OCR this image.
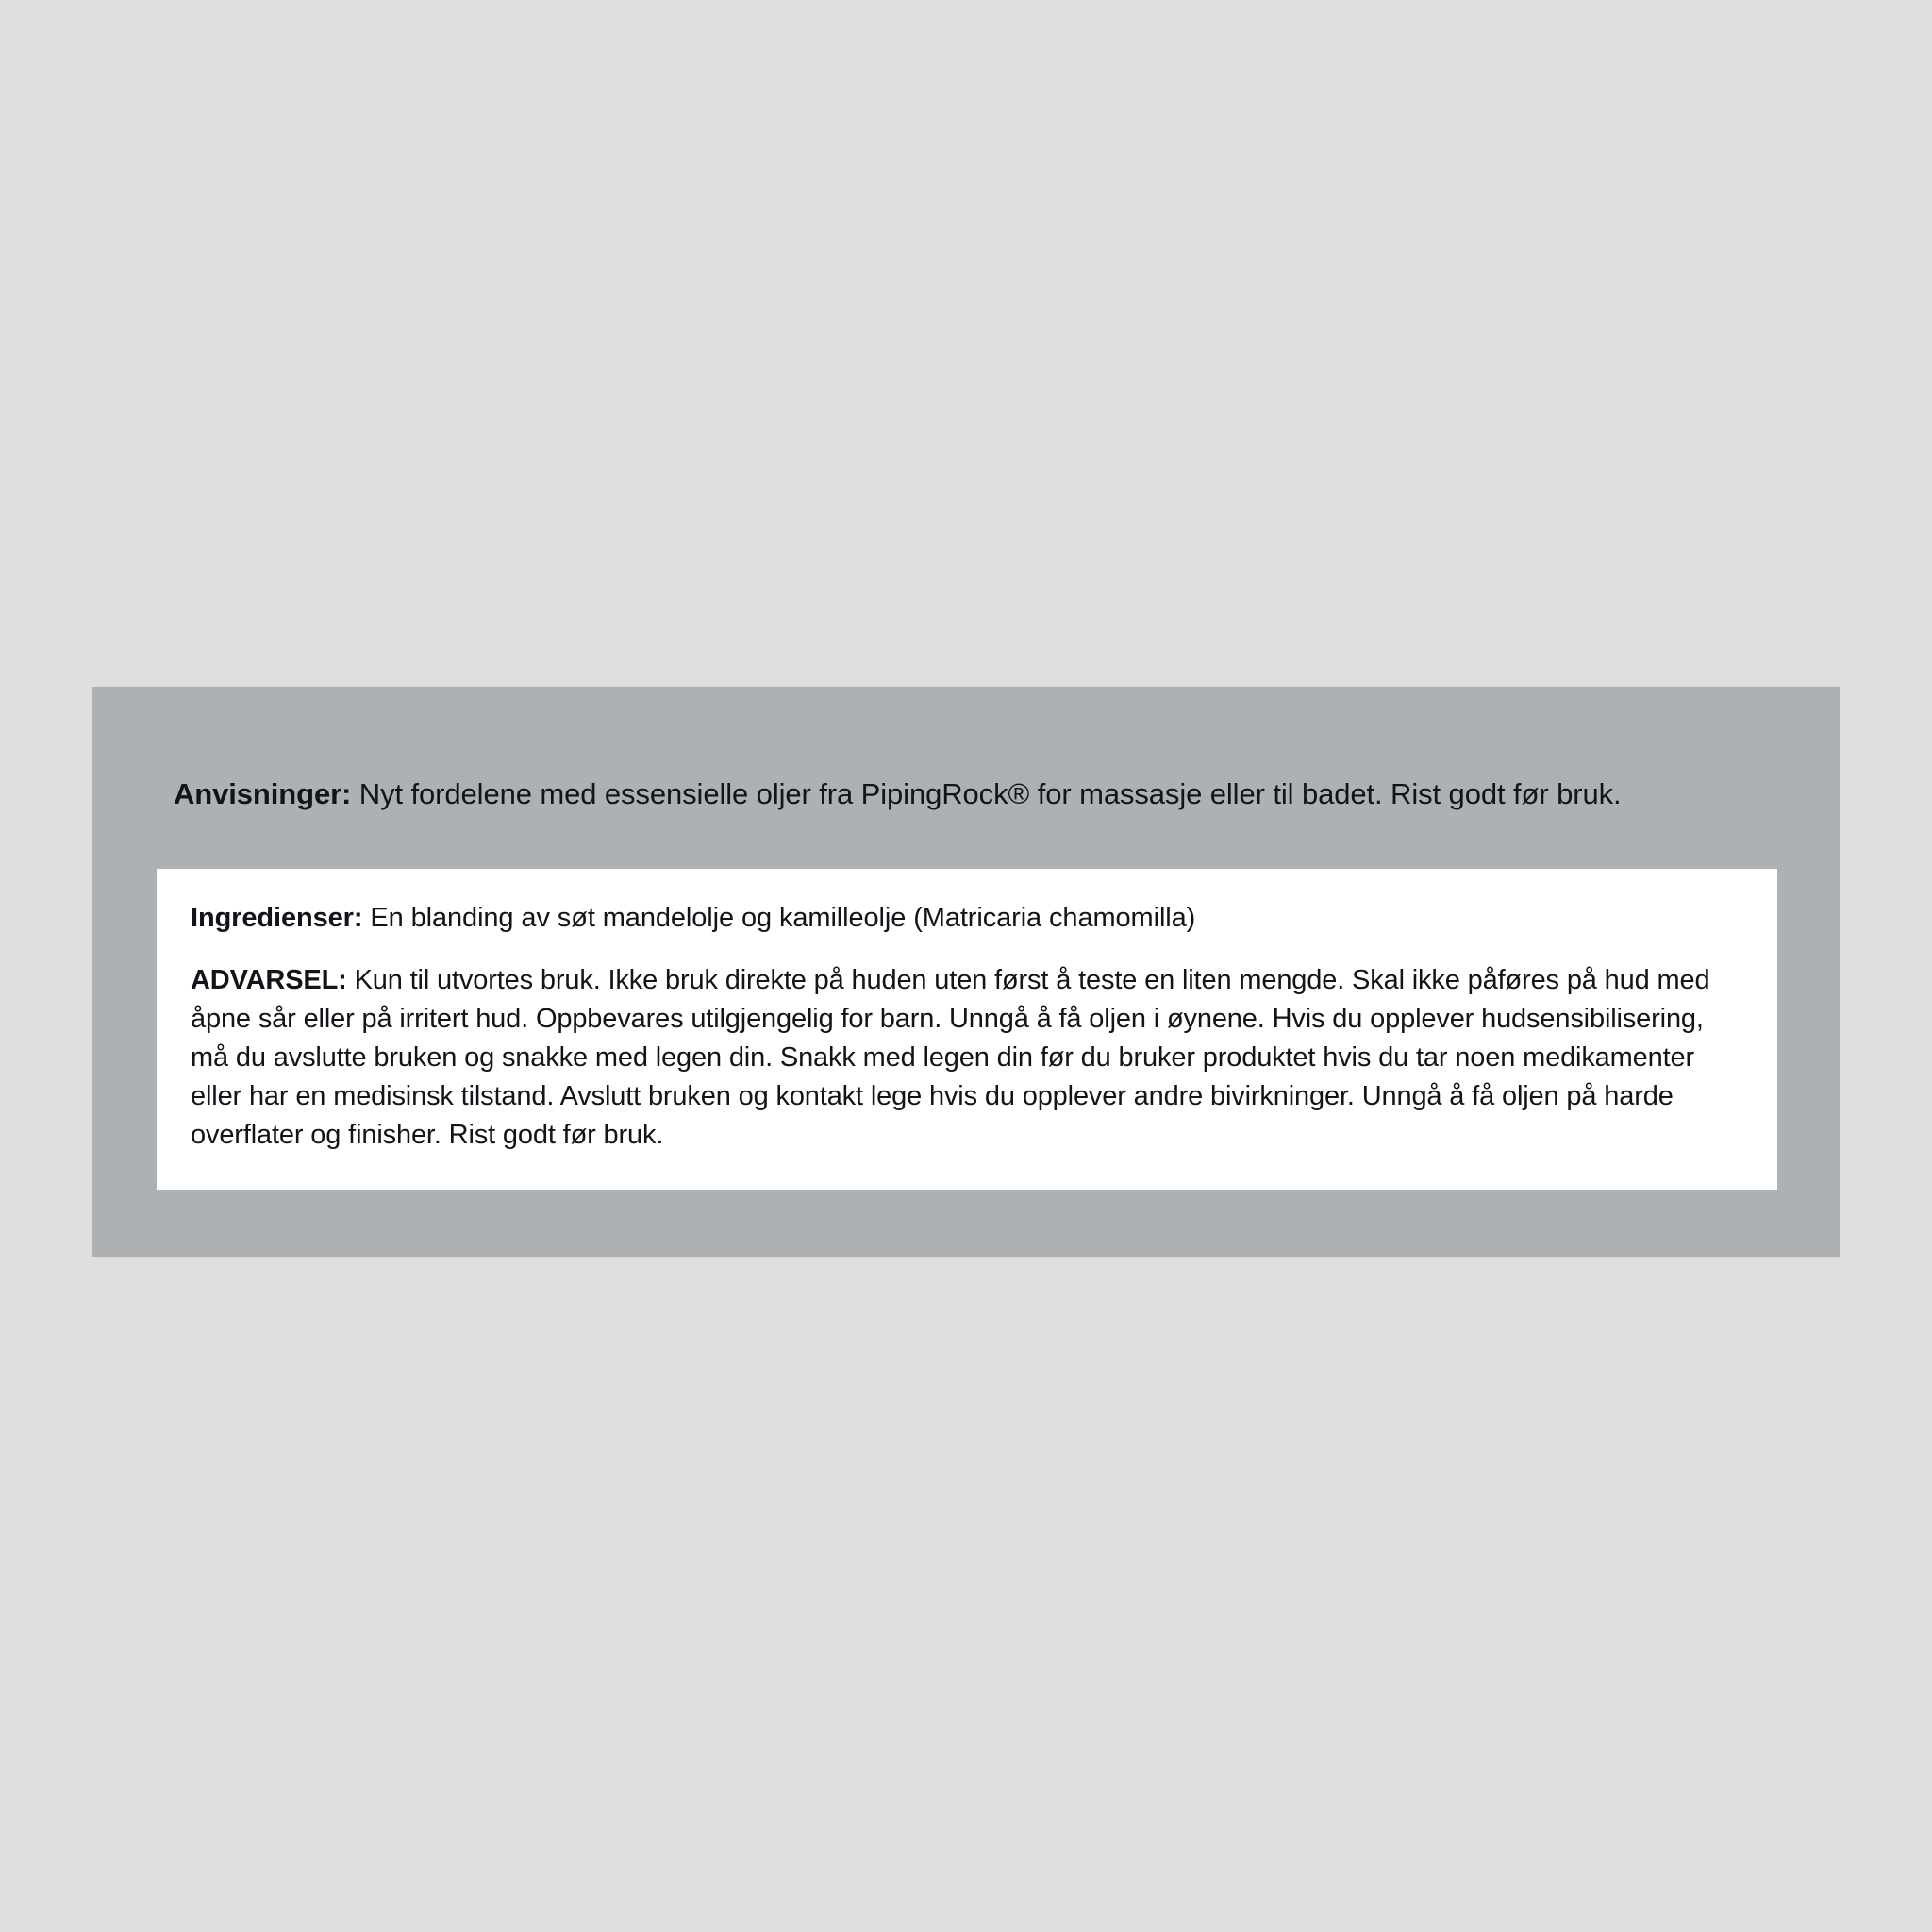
Anvisninger: Nyt fordelene med essensielle oljer fra PipingRock® for massasje eller til badet. Rist godt før bruk.

Ingredienser: En blanding av søt mandelolje og kamilleolje (Matricaria chamomilla)

ADVARSEL: Kun til utvortes bruk. Ikke bruk direkte på huden uten først å teste en liten mengde. Skal ikke påføres på hud med åpne sår eller på irritert hud. Oppbevares utilgjengelig for barn. Unngå å få oljen i øynene. Hvis du opplever hudsensibilisering, må du avslutte bruken og snakke med legen din. Snakk med legen din før du bruker produktet hvis du tar noen medikamenter eller har en medisinsk tilstand. Avslutt bruken og kontakt lege hvis du opplever andre bivirkninger. Unngå å få oljen på harde overflater og finisher. Rist godt før bruk.
